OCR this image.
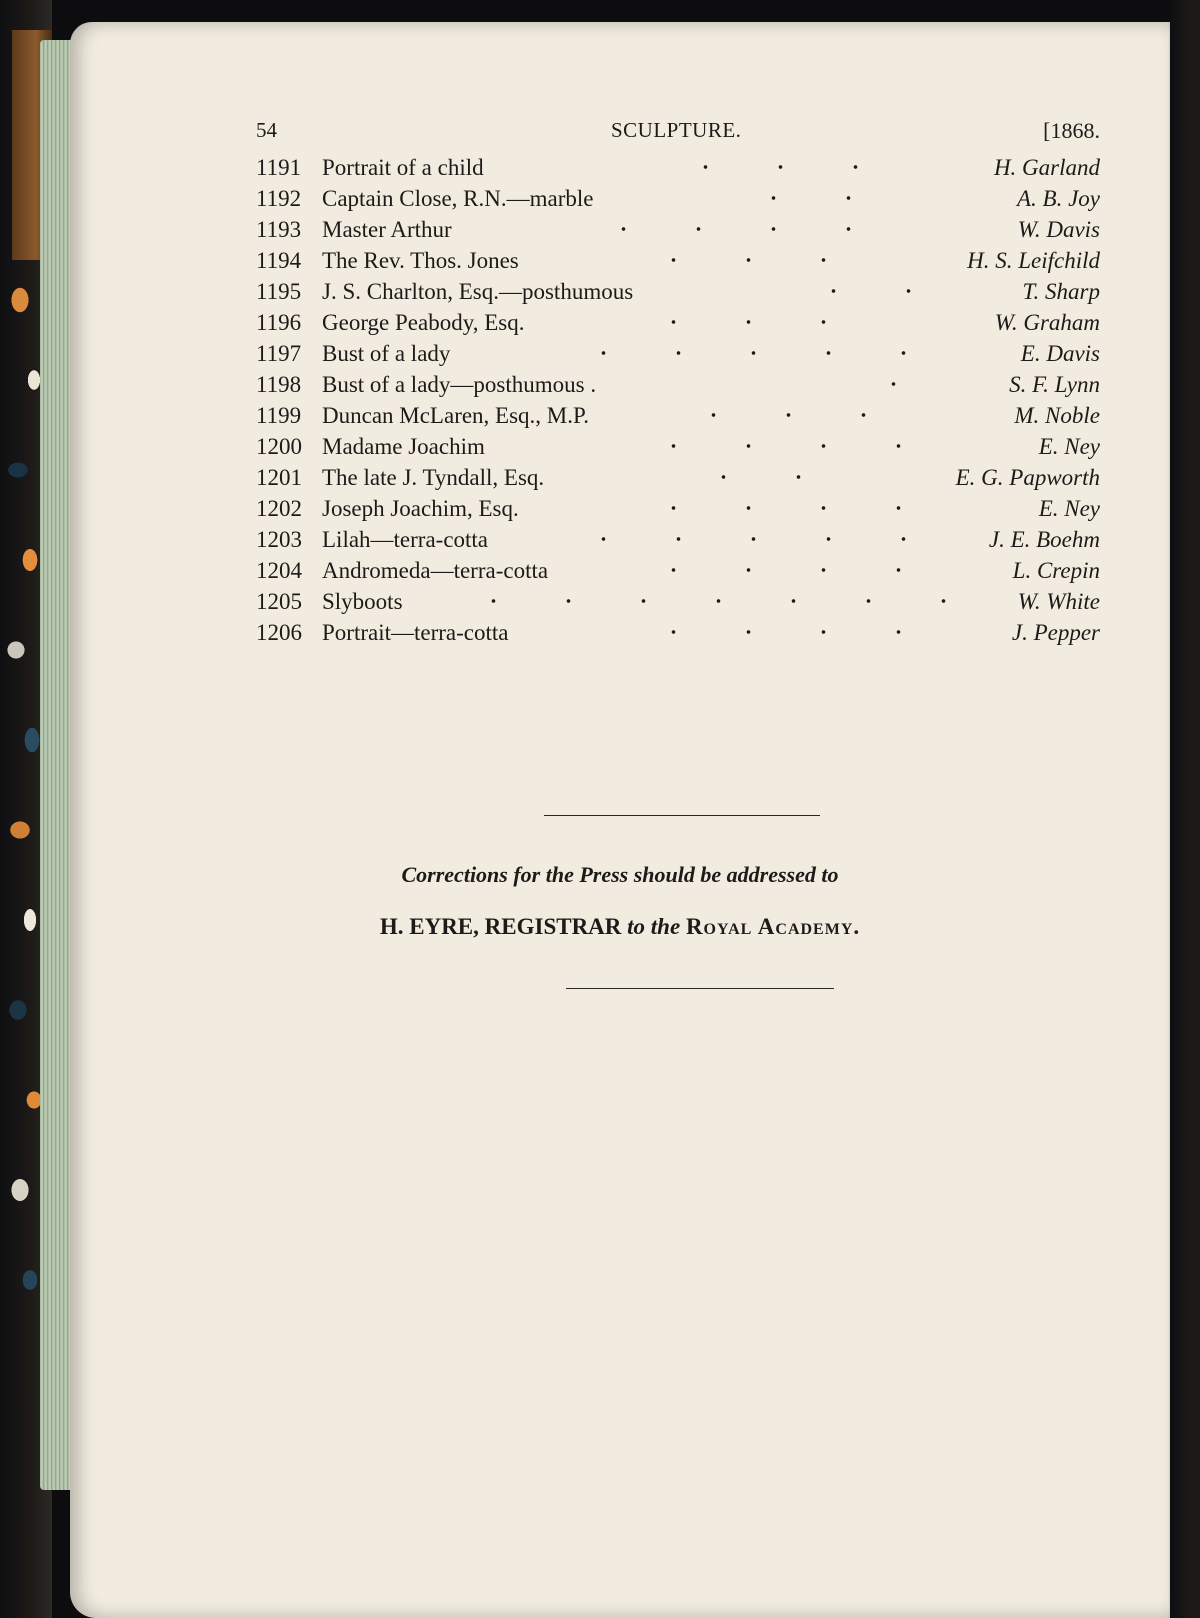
54	SCULPTURE.	[1868.
1191 Portrait of a child	H. Garland
1192 Captain Close, R.N.—marble	A. B. Joy
1193 Master Arthur	W. Davis
1194 The Rev. Thos. Jones	H. S. Leifchild
1195 J. S. Charlton, Esq.—posthumous	T. Sharp
1196 George Peabody, Esq.	W. Graham
1197 Bust of a lady	E. Davis
1198 Bust of a lady—posthumous .	S. F. Lynn
1199 Duncan McLaren, Esq., M.P.	M. Noble
1200 Madame Joachim	E. Ney
1201 The late J. Tyndall, Esq.	E. G. Papworth
1202 Joseph Joachim, Esq.	E. Ney
1203 Lilah—terra-cotta	J. E. Boehm
1204 Andromeda—terra-cotta	L. Crepin
1205 Slyboots	W. White
1206 Portrait—terra-cotta	J. Pepper
Corrections for the Press should be addressed to
H. EYRE, REGISTRAR to the Royal Academy.
